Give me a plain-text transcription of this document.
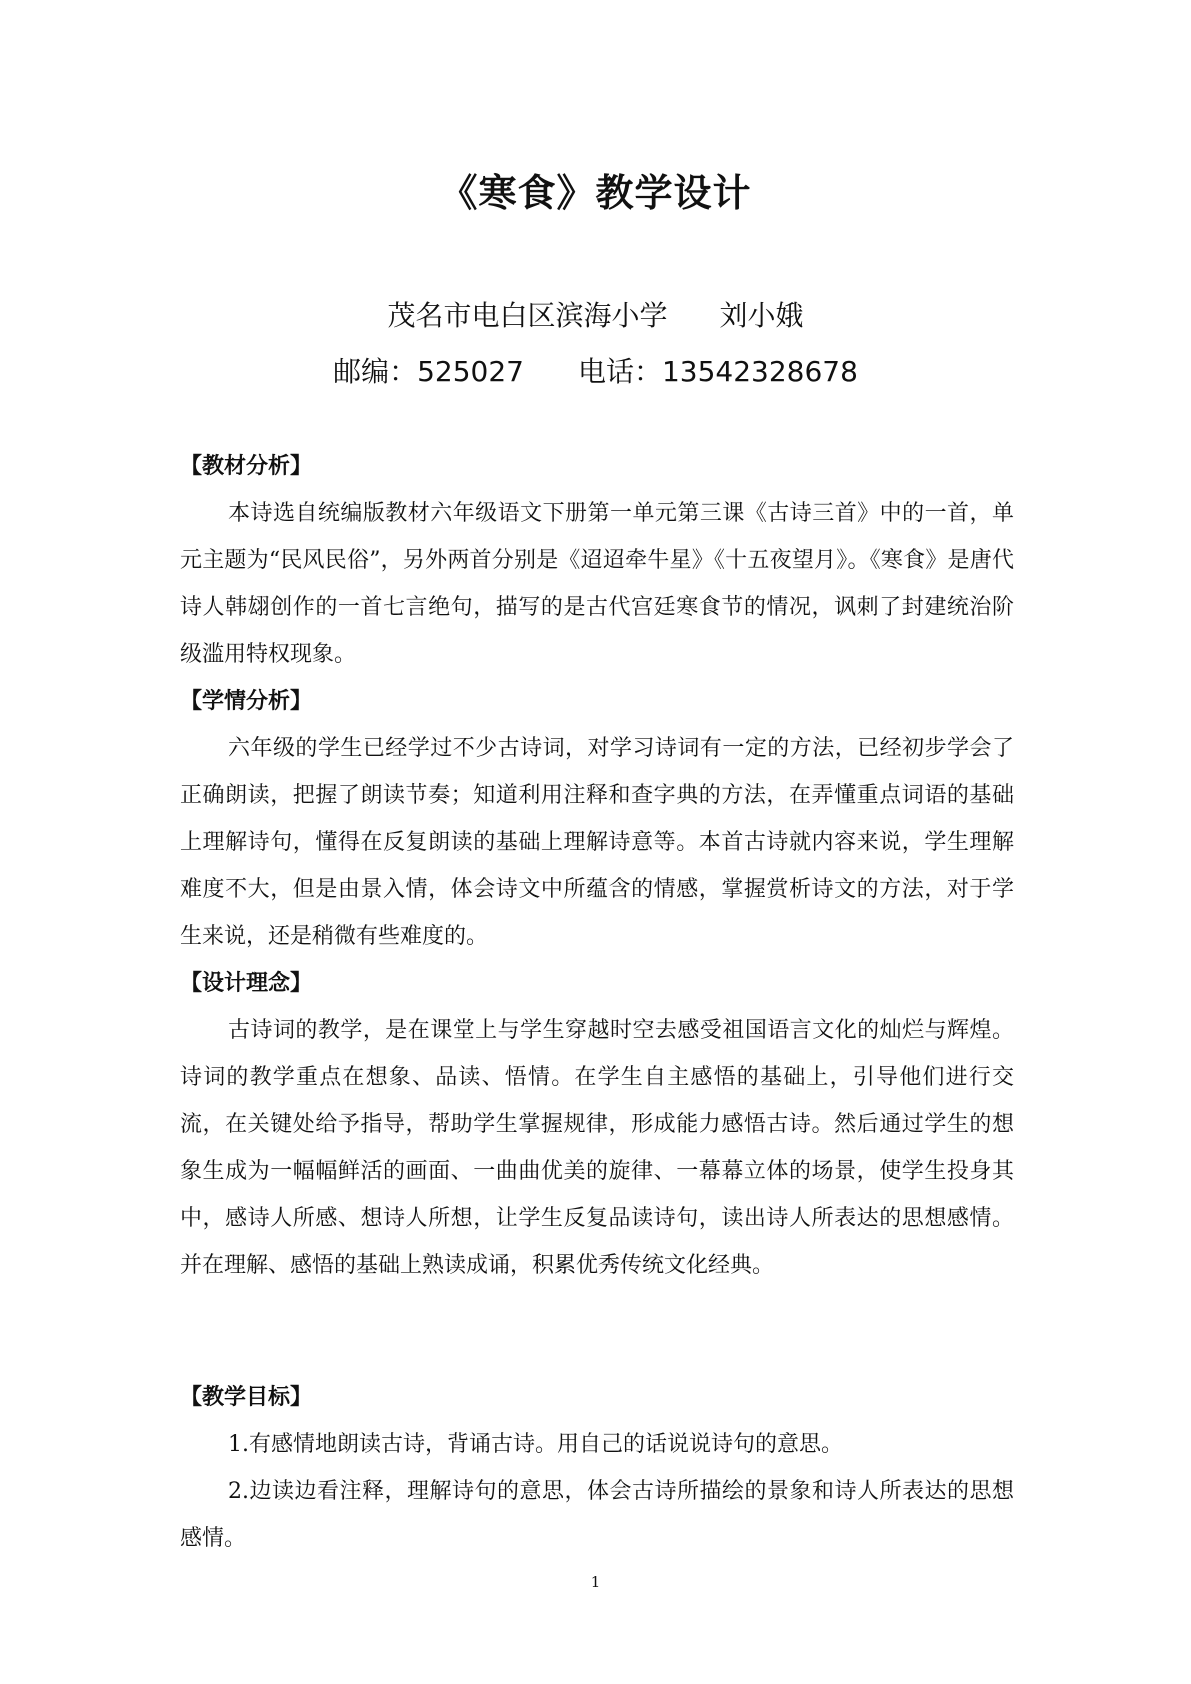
《寒食》教学设计
茂名市电白区滨海小学 刘小娥
邮编：525027 电话：13542328678
【教材分析】
本诗选自统编版教材六年级语文下册第一单元第三课《古诗三首》中的一首，单元主题为“民风民俗”，另外两首分别是《迢迢牵牛星》《十五夜望月》。《寒食》是唐代诗人韩翃创作的一首七言绝句，描写的是古代宫廷寒食节的情况，讽刺了封建统治阶级滥用特权现象。
【学情分析】
六年级的学生已经学过不少古诗词，对学习诗词有一定的方法，已经初步学会了正确朗读，把握了朗读节奏；知道利用注释和查字典的方法，在弄懂重点词语的基础上理解诗句，懂得在反复朗读的基础上理解诗意等。本首古诗就内容来说，学生理解难度不大，但是由景入情，体会诗文中所蕴含的情感，掌握赏析诗文的方法，对于学生来说，还是稍微有些难度的。
【设计理念】
古诗词的教学，是在课堂上与学生穿越时空去感受祖国语言文化的灿烂与辉煌。诗词的教学重点在想象、品读、悟情。在学生自主感悟的基础上，引导他们进行交流，在关键处给予指导，帮助学生掌握规律，形成能力感悟古诗。然后通过学生的想象生成为一幅幅鲜活的画面、一曲曲优美的旋律、一幕幕立体的场景，使学生投身其中，感诗人所感、想诗人所想，让学生反复品读诗句，读出诗人所表达的思想感情。并在理解、感悟的基础上熟读成诵，积累优秀传统文化经典。
【教学目标】
1.有感情地朗读古诗，背诵古诗。用自己的话说说诗句的意思。
2.边读边看注释，理解诗句的意思，体会古诗所描绘的景象和诗人所表达的思想感情。
1
